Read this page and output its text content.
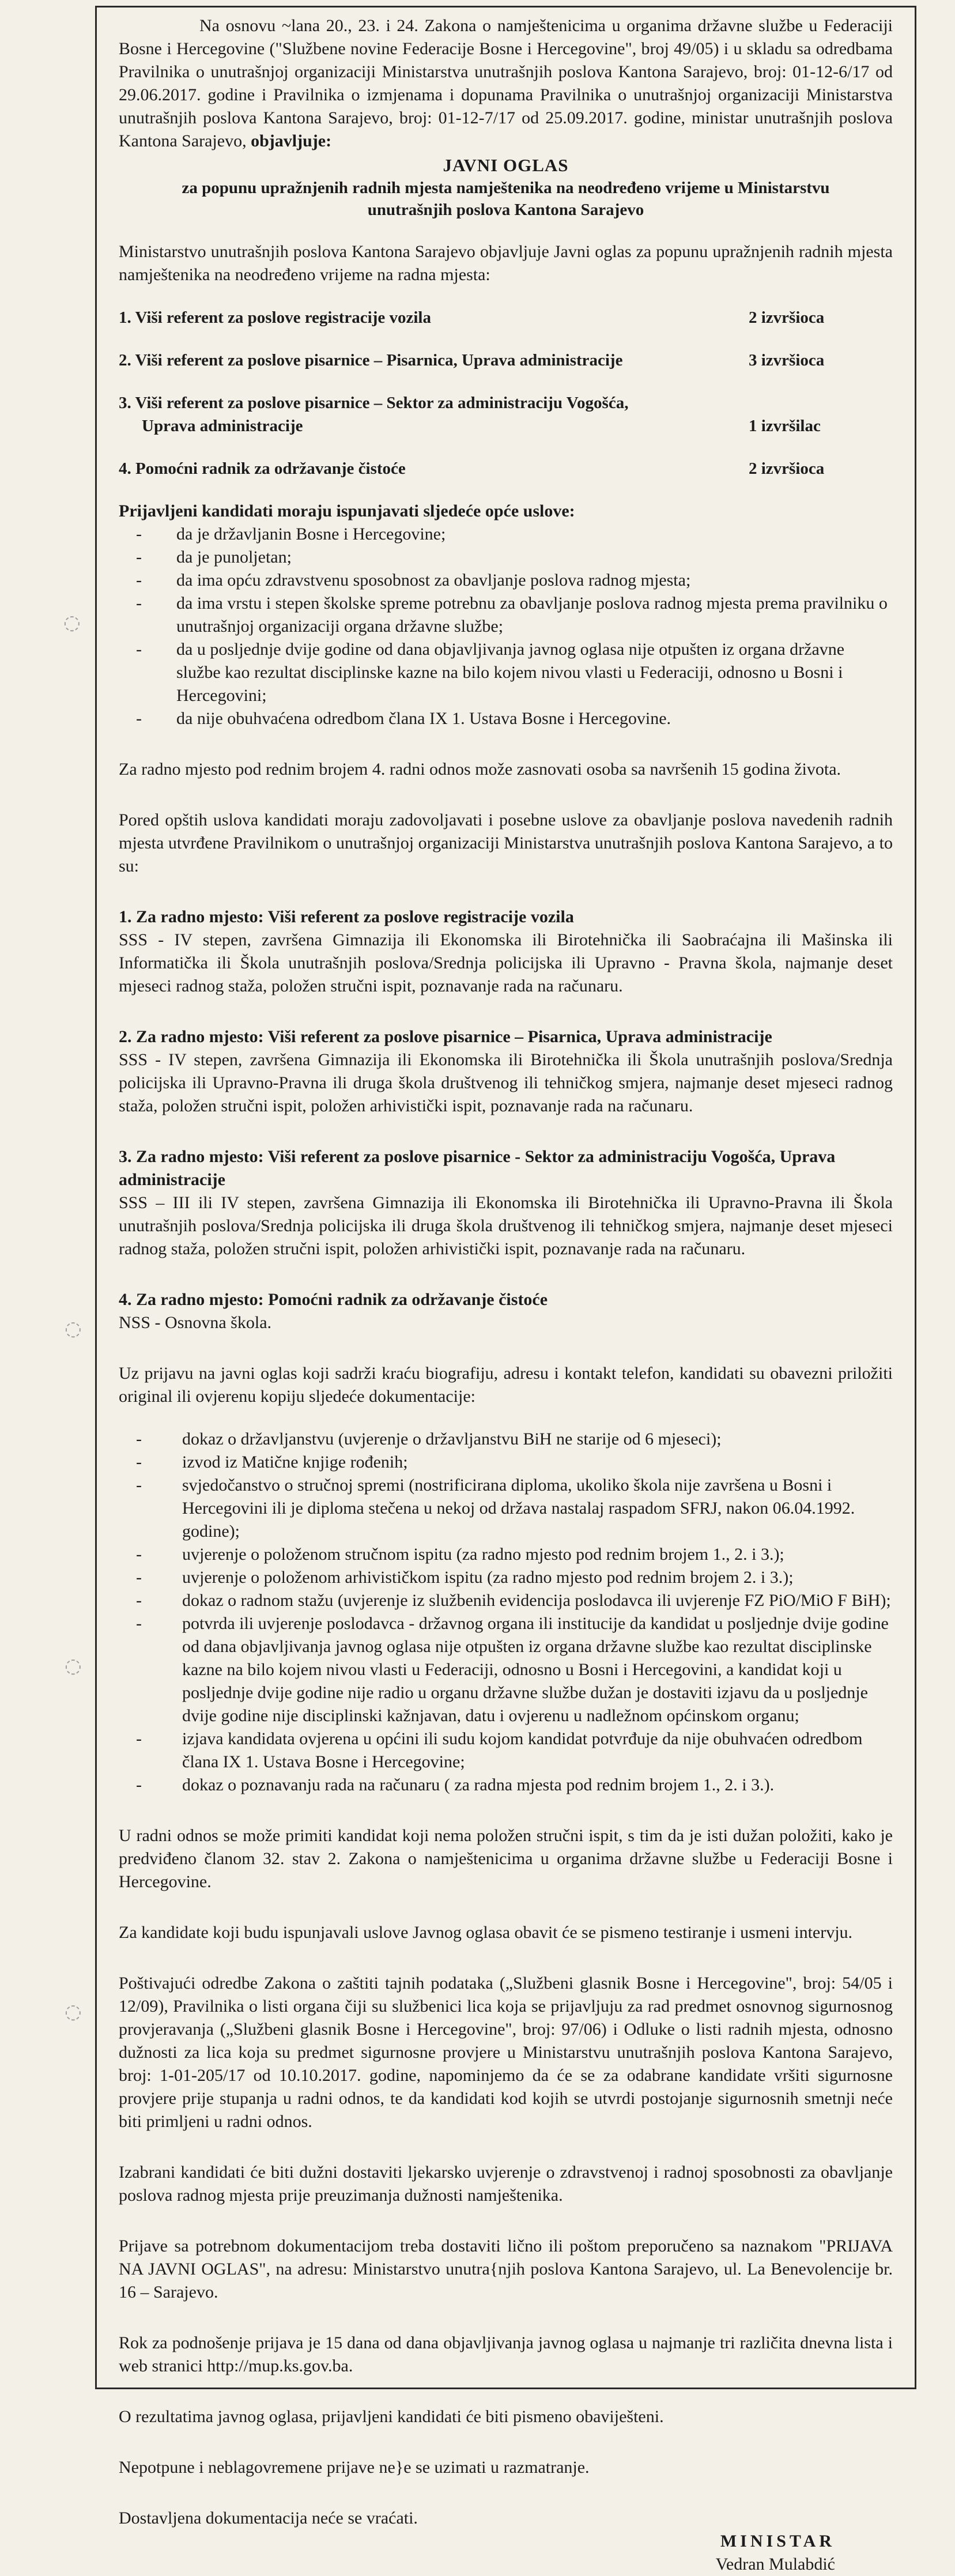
Na osnovu ~lana 20., 23. i 24. Zakona o namještenicima u organima državne službe u Federaciji Bosne i Hercegovine ("Službene novine Federacije Bosne i Hercegovine", broj 49/05) i u skladu sa odredbama Pravilnika o unutrašnjoj organizaciji Ministarstva unutrašnjih poslova Kantona Sarajevo, broj: 01-12-6/17 od 29.06.2017. godine i Pravilnika o izmjenama i dopunama Pravilnika o unutrašnjoj organizaciji Ministarstva unutrašnjih poslova Kantona Sarajevo, broj: 01-12-7/17 od 25.09.2017. godine, ministar unutrašnjih poslova Kantona Sarajevo, objavljuje:

JAVNI OGLAS

za popunu upražnjenih radnih mjesta namještenika na neodređeno vrijeme u Ministarstvu unutrašnjih poslova Kantona Sarajevo

Ministarstvo unutrašnjih poslova Kantona Sarajevo objavljuje Javni oglas za popunu upražnjenih radnih mjesta namještenika na neodređeno vrijeme na radna mjesta:

1. Viši referent za poslove registracije vozila	2 izvršioca
2. Viši referent za poslove pisarnice – Pisarnica, Uprava administracije	3 izvršioca
3. Viši referent za poslove pisarnice – Sektor za administraciju Vogošća,
Uprava administracije	1 izvršilac
4. Pomoćni radnik za održavanje čistoće	2 izvršioca

Prijavljeni kandidati moraju ispunjavati sljedeće opće uslove:

- da je državljanin Bosne i Hercegovine;
- da je punoljetan;
- da ima opću zdravstvenu sposobnost za obavljanje poslova radnog mjesta;
- da ima vrstu i stepen školske spreme potrebnu za obavljanje poslova radnog mjesta prema pravilniku o unutrašnjoj organizaciji organa državne službe;
- da u posljednje dvije godine od dana objavljivanja javnog oglasa nije otpušten iz organa državne službe kao rezultat disciplinske kazne na bilo kojem nivou vlasti u Federaciji, odnosno u Bosni i Hercegovini;
- da nije obuhvaćena odredbom člana IX 1. Ustava Bosne i Hercegovine.

Za radno mjesto pod rednim brojem 4. radni odnos može zasnovati osoba sa navršenih 15 godina života.

Pored opštih uslova kandidati moraju zadovoljavati i posebne uslove za obavljanje poslova navedenih radnih mjesta utvrđene Pravilnikom o unutrašnjoj organizaciji Ministarstva unutrašnjih poslova Kantona Sarajevo, a to su:

1. Za radno mjesto: Viši referent za poslove registracije vozila

SSS - IV stepen, završena Gimnazija ili Ekonomska ili Birotehnička ili Saobraćajna ili Mašinska ili Informatička ili Škola unutrašnjih poslova/Srednja policijska ili Upravno - Pravna škola, najmanje deset mjeseci radnog staža, položen stručni ispit, poznavanje rada na računaru.

2. Za radno mjesto: Viši referent za poslove pisarnice – Pisarnica, Uprava administracije

SSS - IV stepen, završena Gimnazija ili Ekonomska ili Birotehnička ili Škola unutrašnjih poslova/Srednja policijska ili Upravno-Pravna ili druga škola društvenog ili tehničkog smjera, najmanje deset mjeseci radnog staža, položen stručni ispit, položen arhivistički ispit, poznavanje rada na računaru.

3. Za radno mjesto: Viši referent za poslove pisarnice - Sektor za administraciju Vogošća, Uprava administracije

SSS – III ili IV stepen, završena Gimnazija ili Ekonomska ili Birotehnička ili Upravno-Pravna ili Škola unutrašnjih poslova/Srednja policijska ili druga škola društvenog ili tehničkog smjera, najmanje deset mjeseci radnog staža, položen stručni ispit, položen arhivistički ispit, poznavanje rada na računaru.

4. Za radno mjesto: Pomoćni radnik za održavanje čistoće

NSS - Osnovna škola.

Uz prijavu na javni oglas koji sadrži kraću biografiju, adresu i kontakt telefon, kandidati su obavezni priložiti original ili ovjerenu kopiju sljedeće dokumentacije:

- dokaz o državljanstvu (uvjerenje o državljanstvu BiH ne starije od 6 mjeseci);
- izvod iz Matične knjige rođenih;
- svjedočanstvo o stručnoj spremi (nostrificirana diploma, ukoliko škola nije završena u Bosni i Hercegovini ili je diploma stečena u nekoj od država nastalaj raspadom SFRJ, nakon 06.04.1992. godine);
- uvjerenje o položenom stručnom ispitu (za radno mjesto pod rednim brojem 1., 2. i 3.);
- uvjerenje o položenom arhivističkom ispitu (za radno mjesto pod rednim brojem 2. i 3.);
- dokaz o radnom stažu (uvjerenje iz službenih evidencija poslodavca ili uvjerenje FZ PiO/MiO F BiH);
- potvrda ili uvjerenje poslodavca - državnog organa ili institucije da kandidat u posljednje dvije godine od dana objavljivanja javnog oglasa nije otpušten iz organa državne službe kao rezultat disciplinske kazne na bilo kojem nivou vlasti u Federaciji, odnosno u Bosni i Hercegovini, a kandidat koji u posljednje dvije godine nije radio u organu državne službe dužan je dostaviti izjavu da u posljednje dvije godine nije disciplinski kažnjavan, datu i ovjerenu u nadležnom općinskom organu;
- izjava kandidata ovjerena u općini ili sudu kojom kandidat potvrđuje da nije obuhvaćen odredbom člana IX 1. Ustava Bosne i Hercegovine;
- dokaz o poznavanju rada na računaru ( za radna mjesta pod rednim brojem 1., 2. i 3.).

U radni odnos se može primiti kandidat koji nema položen stručni ispit, s tim da je isti dužan položiti, kako je predviđeno članom 32. stav 2. Zakona o namještenicima u organima državne službe u Federaciji Bosne i Hercegovine.

Za kandidate koji budu ispunjavali uslove Javnog oglasa obavit će se pismeno testiranje i usmeni intervju.

Poštivajući odredbe Zakona o zaštiti tajnih podataka („Službeni glasnik Bosne i Hercegovine", broj: 54/05 i 12/09), Pravilnika o listi organa čiji su službenici lica koja se prijavljuju za rad predmet osnovnog sigurnosnog provjeravanja („Službeni glasnik Bosne i Hercegovine", broj: 97/06) i Odluke o listi radnih mjesta, odnosno dužnosti za lica koja su predmet sigurnosne provjere u Ministarstvu unutrašnjih poslova Kantona Sarajevo, broj: 1-01-205/17 od 10.10.2017. godine, napominjemo da će se za odabrane kandidate vršiti sigurnosne provjere prije stupanja u radni odnos, te da kandidati kod kojih se utvrdi postojanje sigurnosnih smetnji neće biti primljeni u radni odnos.

Izabrani kandidati će biti dužni dostaviti ljekarsko uvjerenje o zdravstvenoj i radnoj sposobnosti za obavljanje poslova radnog mjesta prije preuzimanja dužnosti namještenika.

Prijave sa potrebnom dokumentacijom treba dostaviti lično ili poštom preporučeno sa naznakom "PRIJAVA NA JAVNI OGLAS", na adresu: Ministarstvo unutra{njih poslova Kantona Sarajevo, ul. La Benevolencije br. 16 – Sarajevo.

Rok za podnošenje prijava je 15 dana od dana objavljivanja javnog oglasa u najmanje tri različita dnevna lista i web stranici http://mup.ks.gov.ba.

O rezultatima javnog oglasa, prijavljeni kandidati će biti pismeno obaviješteni.

Nepotpune i neblagovremene prijave ne}e se uzimati u razmatranje.

Dostavljena dokumentacija neće se vraćati.

MINISTAR
Vedran Mulabdić
◌
◌
◌
◌
